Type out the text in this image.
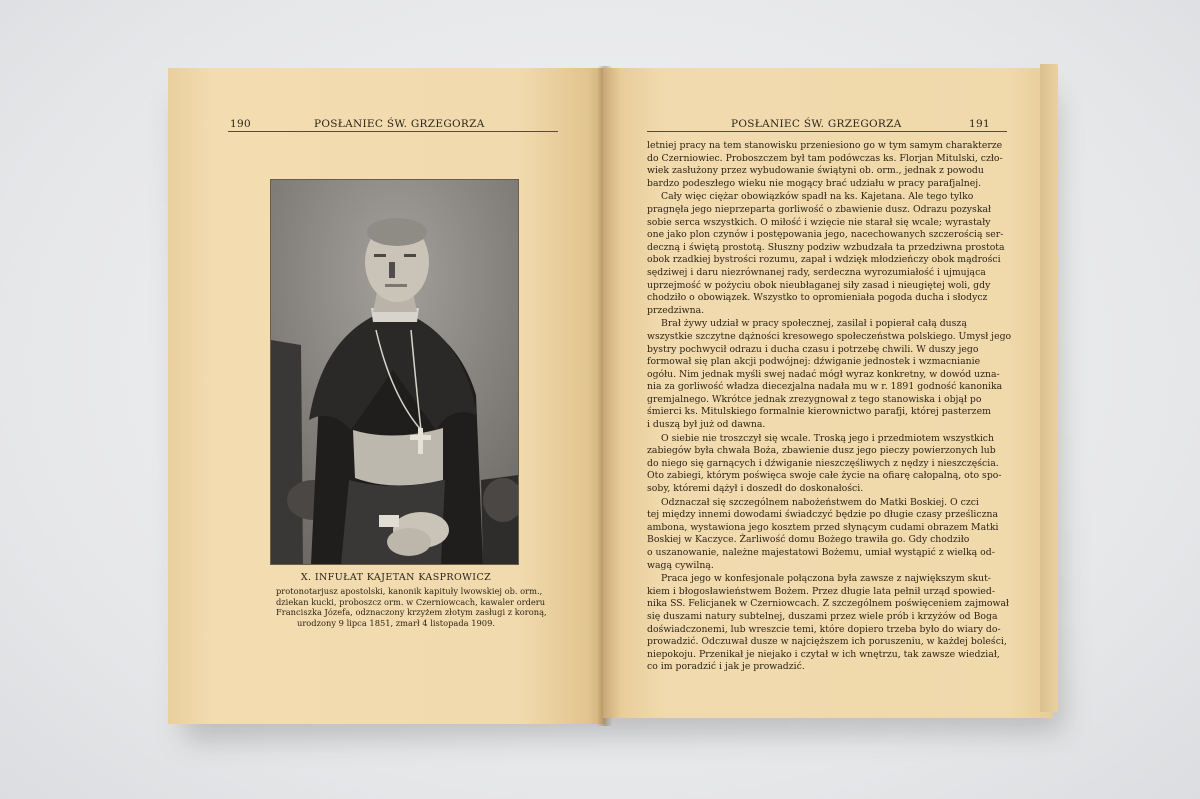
190	POSŁANIEC ŚW. GRZEGORZA
X. INFUŁAT KAJETAN KASPROWICZ

protonotarjusz apostolski, kanonik kapituły lwowskiej ob. orm.,
dziekan kucki, proboszcz orm. w Czerniowcach, kawaler orderu
Franciszka Józefa, odznaczony krzyżem złotym zasługi z koroną,
urodzony 9 lipca 1851, zmarł 4 listopada 1909.

POSŁANIEC ŚW. GRZEGORZA	191

letniej pracy na tem stanowisku przeniesiono go w tym samym charakterze
do Czerniowiec. Proboszczem był tam podówczas ks. Florjan Mitulski, czło-
wiek zasłużony przez wybudowanie świątyni ob. orm., jednak z powodu
bardzo podeszłego wieku nie mogący brać udziału w pracy parafjalnej.

Cały więc ciężar obowiązków spadł na ks. Kajetana. Ale tego tylko
pragnęła jego nieprzeparta gorliwość o zbawienie dusz. Odrazu pozyskał
sobie serca wszystkich. O miłość i wzięcie nie starał się wcale; wyrastały
one jako plon czynów i postępowania jego, nacechowanych szczerością ser-
deczną i świętą prostotą. Słuszny podziw wzbudzała ta przedziwna prostota
obok rzadkiej bystrości rozumu, zapał i wdzięk młodzieńczy obok mądrości
sędziwej i daru niezrównanej rady, serdeczna wyrozumiałość i ujmująca
uprzejmość w pożyciu obok nieubłaganej siły zasad i nieugiętej woli, gdy
chodziło o obowiązek. Wszystko to opromieniała pogoda ducha i słodycz
przedziwna.

Brał żywy udział w pracy społecznej, zasilał i popierał całą duszą
wszystkie szczytne dążności kresowego społeczeństwa polskiego. Umysł jego
bystry pochwycił odrazu i ducha czasu i potrzebę chwili. W duszy jego
formował się plan akcji podwójnej: dźwiganie jednostek i wzmacnianie
ogółu. Nim jednak myśli swej nadać mógł wyraz konkretny, w dowód uzna-
nia za gorliwość władza diecezjalna nadała mu w r. 1891 godność kanonika
gremjalnego. Wkrótce jednak zrezygnował z tego stanowiska i objął po
śmierci ks. Mitulskiego formalnie kierownictwo parafji, której pasterzem
i duszą był już od dawna.

O siebie nie troszczył się wcale. Troską jego i przedmiotem wszystkich
zabiegów była chwała Boża, zbawienie dusz jego pieczy powierzonych lub
do niego się garnących i dźwiganie nieszczęśliwych z nędzy i nieszczęścia.
Oto zabiegi, którym poświęca swoje całe życie na ofiarę całopalną, oto spo-
soby, któremi dążył i doszedł do doskonałości.

Odznaczał się szczególnem nabożeństwem do Matki Boskiej. O czci
tej między innemi dowodami świadczyć będzie po długie czasy prześliczna
ambona, wystawiona jego kosztem przed słynącym cudami obrazem Matki
Boskiej w Kaczyce. Żarliwość domu Bożego trawiła go. Gdy chodziło
o uszanowanie, należne majestatowi Bożemu, umiał wystąpić z wielką od-
wagą cywilną.

Praca jego w konfesjonale połączona była zawsze z największym skut-
kiem i błogosławieństwem Bożem. Przez długie lata pełnił urząd spowied-
nika SS. Felicjanek w Czerniowcach. Z szczególnem poświęceniem zajmował
się duszami natury subtelnej, duszami przez wiele prób i krzyżów od Boga
doświadczonemi, lub wreszcie temi, które dopiero trzeba było do wiary do-
prowadzić. Odczuwał dusze w najcięższem ich poruszeniu, w każdej boleści,
niepokoju. Przenikał je niejako i czytał w ich wnętrzu, tak zawsze wiedział,
co im poradzić i jak je prowadzić.
